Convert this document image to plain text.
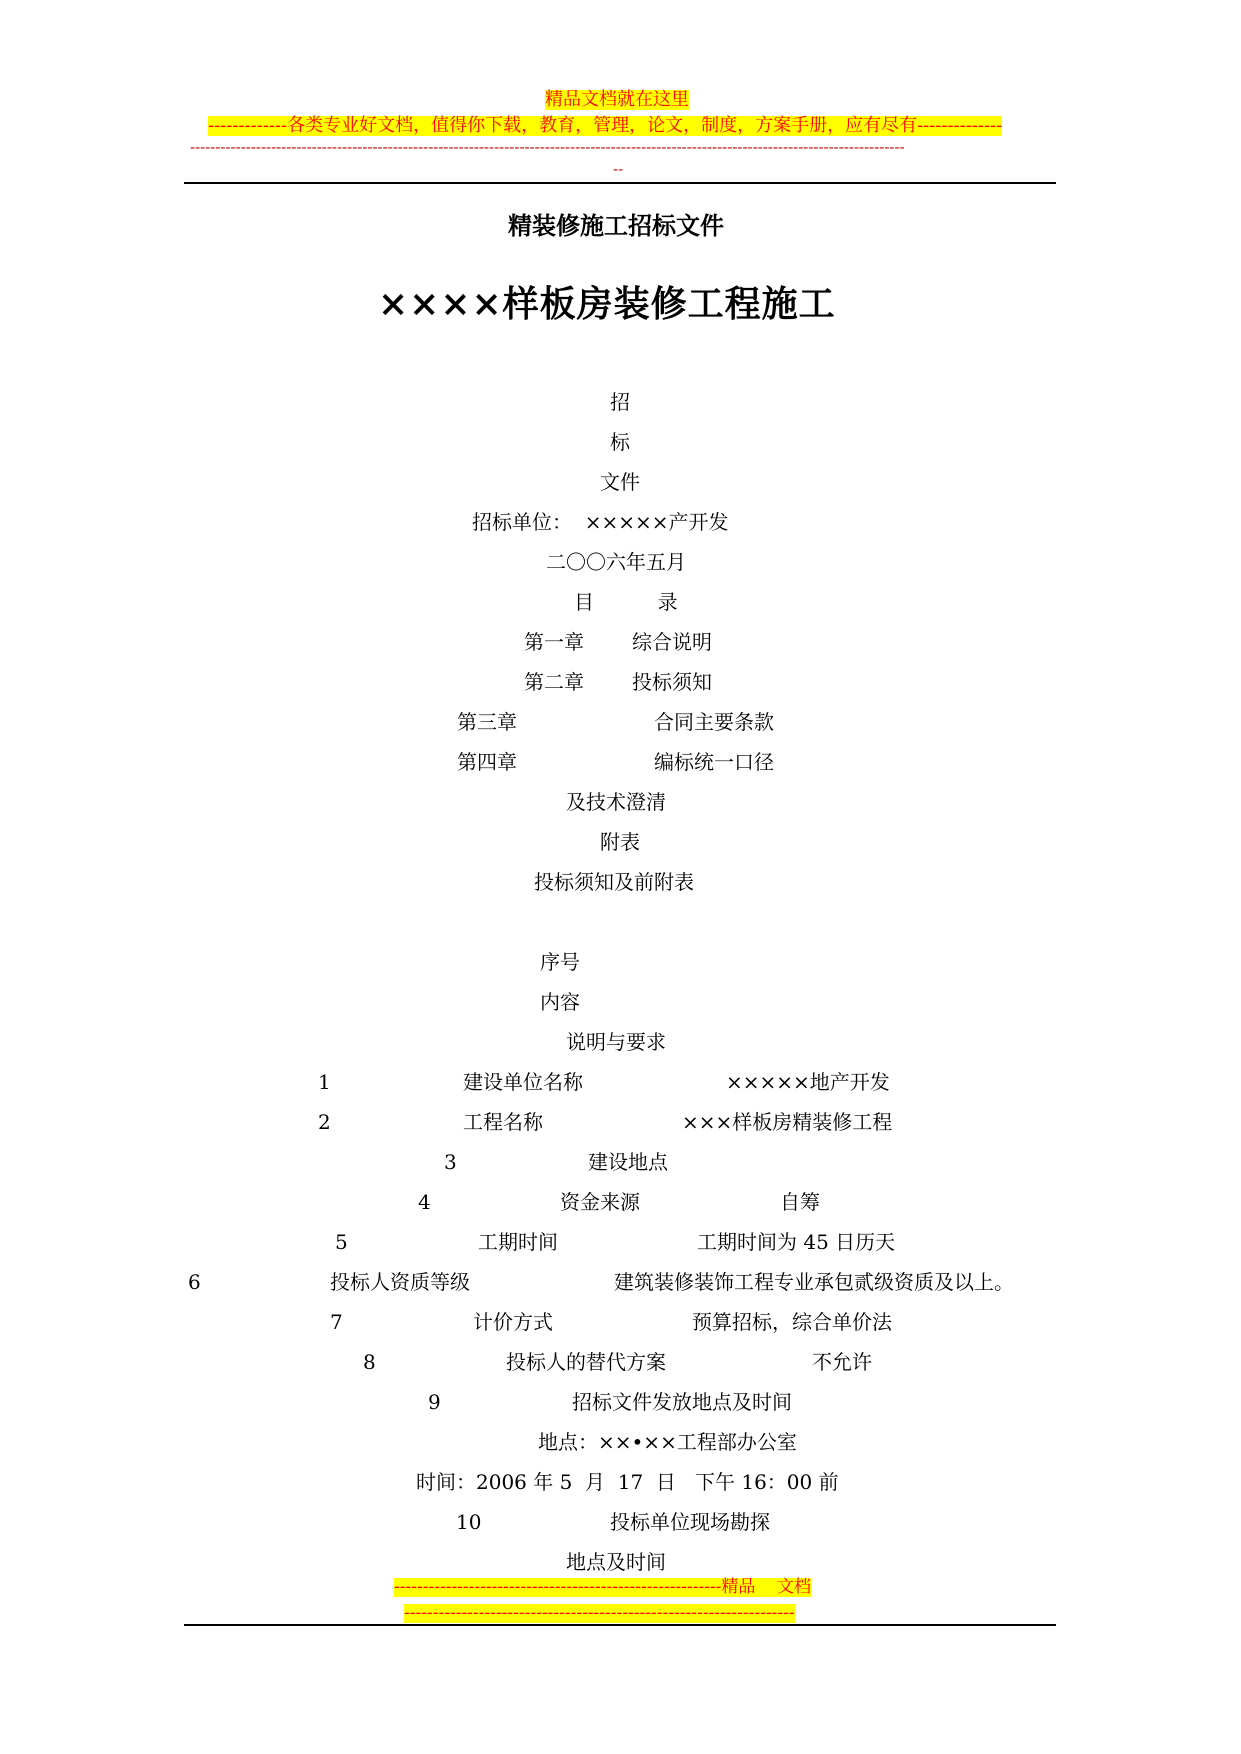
精品文档就在这里
-------------各类专业好文档，值得你下载，教育，管理，论文，制度，方案手册，应有尽有--------------
---------------------------------------------------------------------------------------------------------------------------------------------
--
精装修施工招标文件
××××样板房装修工程施工
招
标
文件
招标单位：  ×××××产开发
二〇〇六年五月
目          录
第一章 综合说明
第二章 投标须知
第三章	合同主要条款
第四章	编标统一口径
及技术澄清
附表
投标须知及前附表
序号
内容
说明与要求
1	建设单位名称	×××××地产开发
2	工程名称	×××样板房精装修工程
3	建设地点
4	资金来源	自筹
5	工期时间	工期时间为 45 日历天
6	投标人资质等级	建筑装修装饰工程专业承包贰级资质及以上。
7	计价方式	预算招标，综合单价法
8	投标人的替代方案	不允许
9	招标文件发放地点及时间
地点：××•××工程部办公室
时间：2006 年 5  月  17  日   下午 16：00 前
10	投标单位现场勘探
地点及时间
---------------------------------------------------------精品    文档
--------------------------------------------------------------------
